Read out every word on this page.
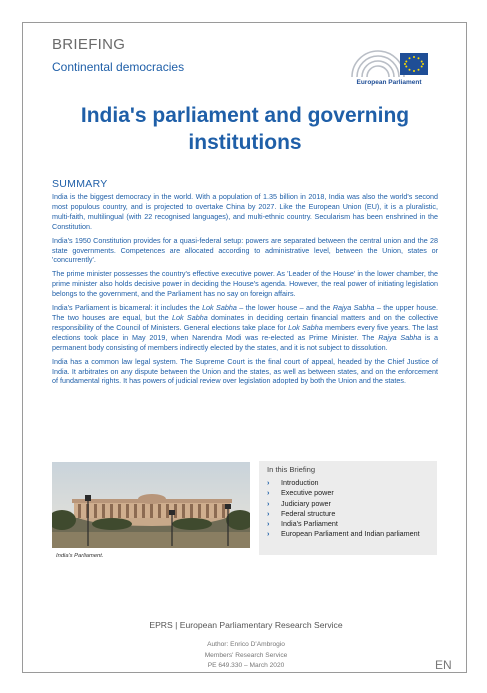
BRIEFING
Continental democracies
European Parliament
India's parliament and governing institutions
SUMMARY

India is the biggest democracy in the world. With a population of 1.35 billion in 2018, India was also the world's second most populous country, and is projected to overtake China by 2027. Like the European Union (EU), it is a pluralistic, multi-faith, multilingual (with 22 recognised languages), and multi-ethnic country. Secularism has been enshrined in the Constitution.

India's 1950 Constitution provides for a quasi-federal setup: powers are separated between the central union and the 28 state governments. Competences are allocated according to administrative level, between the Union, states or 'concurrently'.

The prime minister possesses the country's effective executive power. As 'Leader of the House' in the lower chamber, the prime minister also holds decisive power in deciding the House's agenda. However, the real power of initiating legislation belongs to the government, and the Parliament has no say on foreign affairs.

India's Parliament is bicameral: it includes the Lok Sabha – the lower house – and the Rajya Sabha – the upper house. The two houses are equal, but the Lok Sabha dominates in deciding certain financial matters and on the collective responsibility of the Council of Ministers. General elections take place for Lok Sabha members every five years. The last elections took place in May 2019, when Narendra Modi was re-elected as Prime Minister. The Rajya Sabha is a permanent body consisting of members indirectly elected by the states, and it is not subject to dissolution.

India has a common law legal system. The Supreme Court is the final court of appeal, headed by the Chief Justice of India. It arbitrates on any dispute between the Union and the states, as well as between states, and on the enforcement of fundamental rights. It has powers of judicial review over legislation adopted by both the Union and the states.

India's Parliament.
In this Briefing
› Introduction
› Executive power
› Judiciary power
› Federal structure
› India's Parliament
› European Parliament and Indian parliament
EPRS | European Parliamentary Research Service
Author: Enrico D'Ambrogio
Members' Research Service
PE 649.330 – March 2020	EN
